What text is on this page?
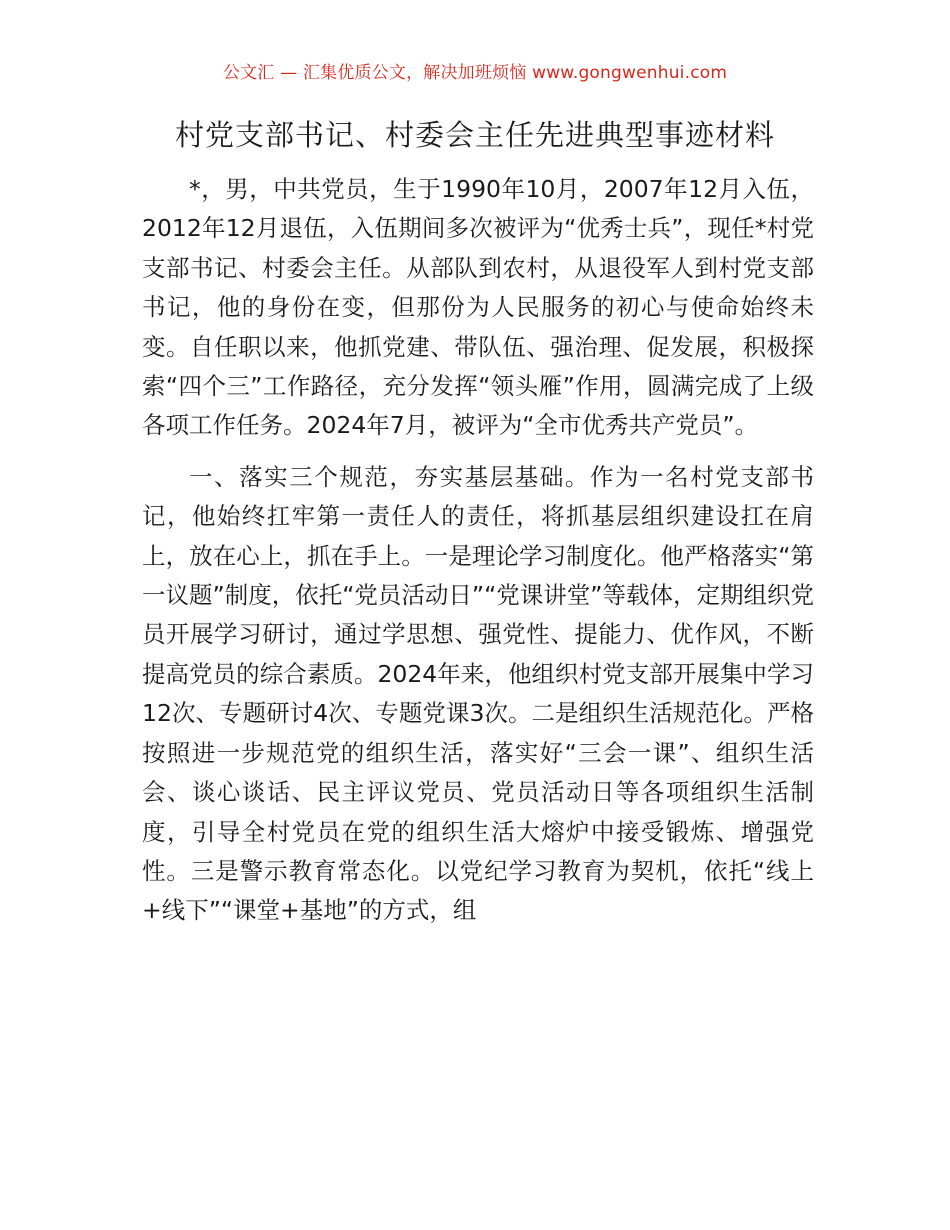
公文汇 — 汇集优质公文，解决加班烦恼 www.gongwenhui.com
村党支部书记、村委会主任先进典型事迹材料

*，男，中共党员，生于1990年10月，2007年12月入伍，2012年12月退伍，入伍期间多次被评为“优秀士兵”，现任*村党支部书记、村委会主任。从部队到农村，从退役军人到村党支部书记，他的身份在变，但那份为人民服务的初心与使命始终未变。自任职以来，他抓党建、带队伍、强治理、促发展，积极探索“四个三”工作路径，充分发挥“领头雁”作用，圆满完成了上级各项工作任务。2024年7月，被评为“全市优秀共产党员”。

一、落实三个规范，夯实基层基础。作为一名村党支部书记，他始终扛牢第一责任人的责任，将抓基层组织建设扛在肩上，放在心上，抓在手上。一是理论学习制度化。他严格落实“第一议题”制度，依托“党员活动日”“党课讲堂”等载体，定期组织党员开展学习研讨，通过学思想、强党性、提能力、优作风，不断提高党员的综合素质。2024年来，他组织村党支部开展集中学习12次、专题研讨4次、专题党课3次。二是组织生活规范化。严格按照进一步规范党的组织生活，落实好“三会一课”、组织生活会、谈心谈话、民主评议党员、党员活动日等各项组织生活制度，引导全村党员在党的组织生活大熔炉中接受锻炼、增强党性。三是警示教育常态化。以党纪学习教育为契机，依托“线上+线下”“课堂+基地”的方式，组
